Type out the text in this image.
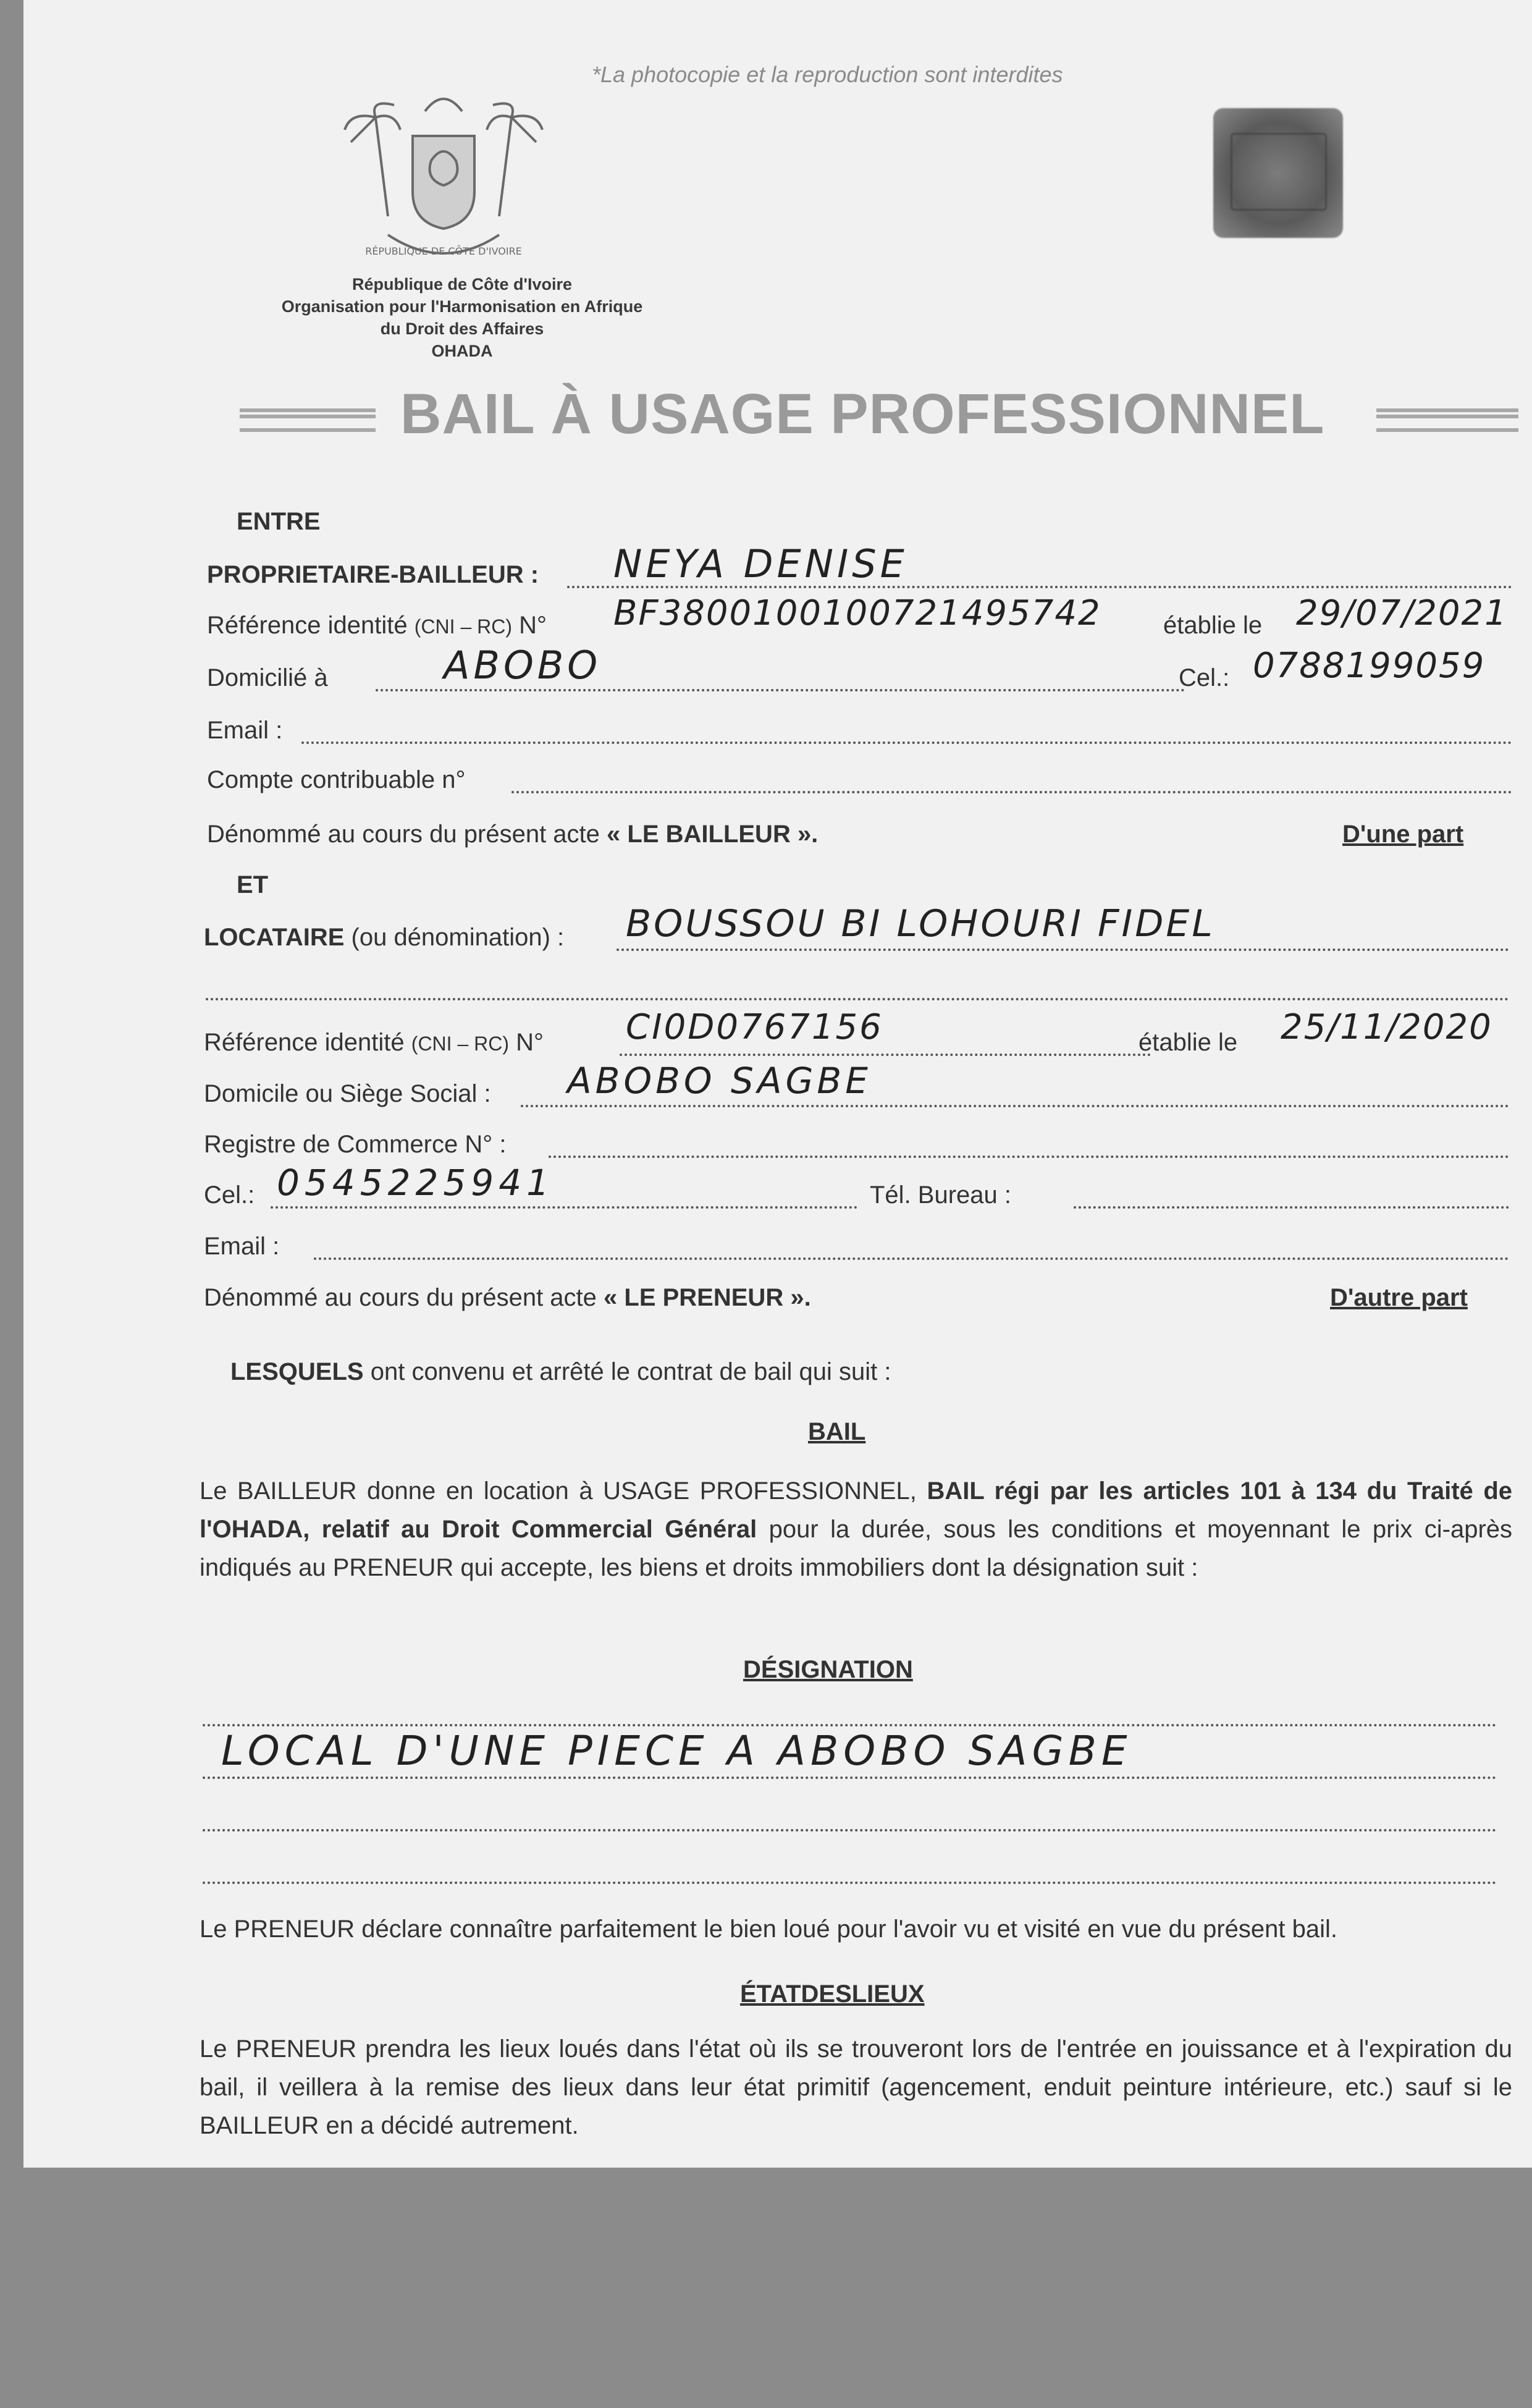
*La photocopie et la reproduction sont interdites
RÉPUBLIQUE DE CÔTE D'IVOIRE
République de Côte d'Ivoire
Organisation pour l'Harmonisation en Afrique
du Droit des Affaires
OHADA
BAIL À USAGE PROFESSIONNEL
ENTRE
PROPRIETAIRE-BAILLEUR : NEYA DENISE
Référence identité (CNI – RC) N° BF3800100100721495742	établie le 29/07/2021
Domicilié à	ABOBO	Cel.: 0788199059
Email :
Compte contribuable n°
Dénommé au cours du présent acte « LE BAILLEUR ».	D'une part
ET
LOCATAIRE (ou dénomination) : BOUSSOU BI LOHOURI FIDEL
Référence identité (CNI – RC) N° CI0D0767156	établie le 25/11/2020
Domicile ou Siège Social : ABOBO SAGBE
Registre de Commerce N° :
Cel.: 0545225941	Tél. Bureau :
Email :
Dénommé au cours du présent acte « LE PRENEUR ».	D'autre part
LESQUELS ont convenu et arrêté le contrat de bail qui suit :
BAIL
Le BAILLEUR donne en location à USAGE PROFESSIONNEL, BAIL régi par les articles 101 à 134 du Traité de l'OHADA, relatif au Droit Commercial Général pour la durée, sous les conditions et moyennant le prix ci-après indiqués au PRENEUR qui accepte, les biens et droits immobiliers dont la désignation suit :
DÉSIGNATION
LOCAL D'UNE PIECE A ABOBO SAGBE
Le PRENEUR déclare connaître parfaitement le bien loué pour l'avoir vu et visité en vue du présent bail.
ÉTATDESLIEUX
Le PRENEUR prendra les lieux loués dans l'état où ils se trouveront lors de l'entrée en jouissance et à l'expiration du bail, il veillera à la remise des lieux dans leur état primitif (agencement, enduit peinture intérieure, etc.) sauf si le BAILLEUR en a décidé autrement.
